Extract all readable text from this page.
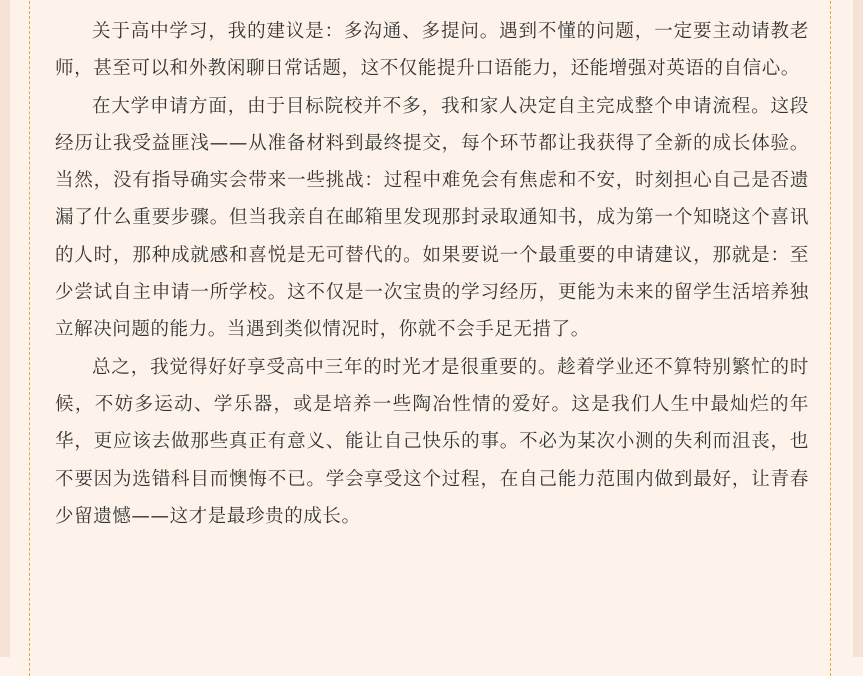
关于高中学习，我的建议是：多沟通、多提问。遇到不懂的问题，一定要主动请教老师，甚至可以和外教闲聊日常话题，这不仅能提升口语能力，还能增强对英语的自信心。

在大学申请方面，由于目标院校并不多，我和家人决定自主完成整个申请流程。这段经历让我受益匪浅——从准备材料到最终提交，每个环节都让我获得了全新的成长体验。当然，没有指导确实会带来一些挑战：过程中难免会有焦虑和不安，时刻担心自己是否遗漏了什么重要步骤。但当我亲自在邮箱里发现那封录取通知书，成为第一个知晓这个喜讯的人时，那种成就感和喜悦是无可替代的。如果要说一个最重要的申请建议，那就是：至少尝试自主申请一所学校。这不仅是一次宝贵的学习经历，更能为未来的留学生活培养独立解决问题的能力。当遇到类似情况时，你就不会手足无措了。

总之，我觉得好好享受高中三年的时光才是很重要的。趁着学业还不算特别繁忙的时候，不妨多运动、学乐器，或是培养一些陶冶性情的爱好。这是我们人生中最灿烂的年华，更应该去做那些真正有意义、能让自己快乐的事。不必为某次小测的失利而沮丧，也不要因为选错科目而懊悔不已。学会享受这个过程，在自己能力范围内做到最好，让青春少留遗憾——这才是最珍贵的成长。
